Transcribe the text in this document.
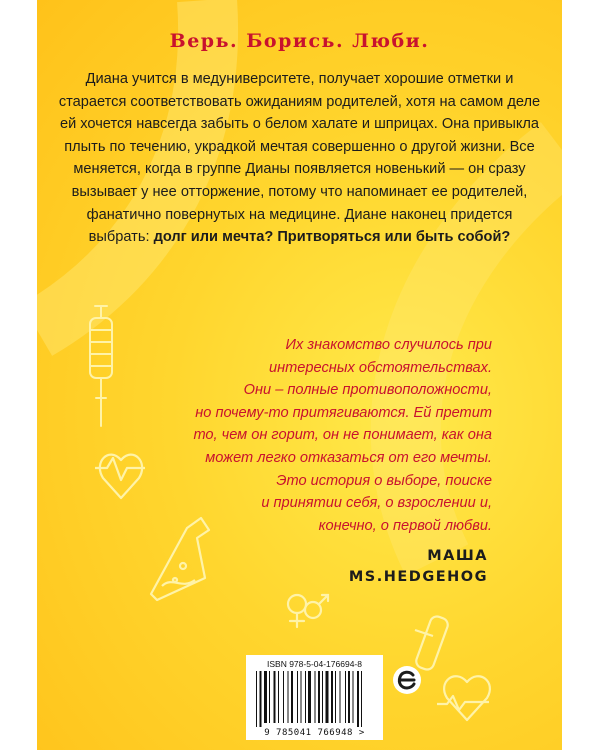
Верь. Борись. Люби.
Диана учится в медуниверситете, получает хорошие отметки и старается соответствовать ожиданиям родителей, хотя на самом деле ей хочется навсегда забыть о белом халате и шприцах. Она привыкла плыть по течению, украдкой мечтая совершенно о другой жизни. Все меняется, когда в группе Дианы появляется новенький — он сразу вызывает у нее отторжение, потому что напоминает ее родителей, фанатично повернутых на медицине. Диане наконец придется выбрать: долг или мечта? Притворяться или быть собой?
Их знакомство случилось при
интересных обстоятельствах.
Они – полные противоположности,
но почему-то притягиваются. Ей претит
то, чем он горит, он не понимает, как она
может легко отказаться от его мечты.
Это история о выборе, поиске
и принятии себя, о взрослении и,
конечно, о первой любви.
МАША
MS.HEDGEHOG
ISBN 978-5-04-176694-8
9 785041 766948 >
